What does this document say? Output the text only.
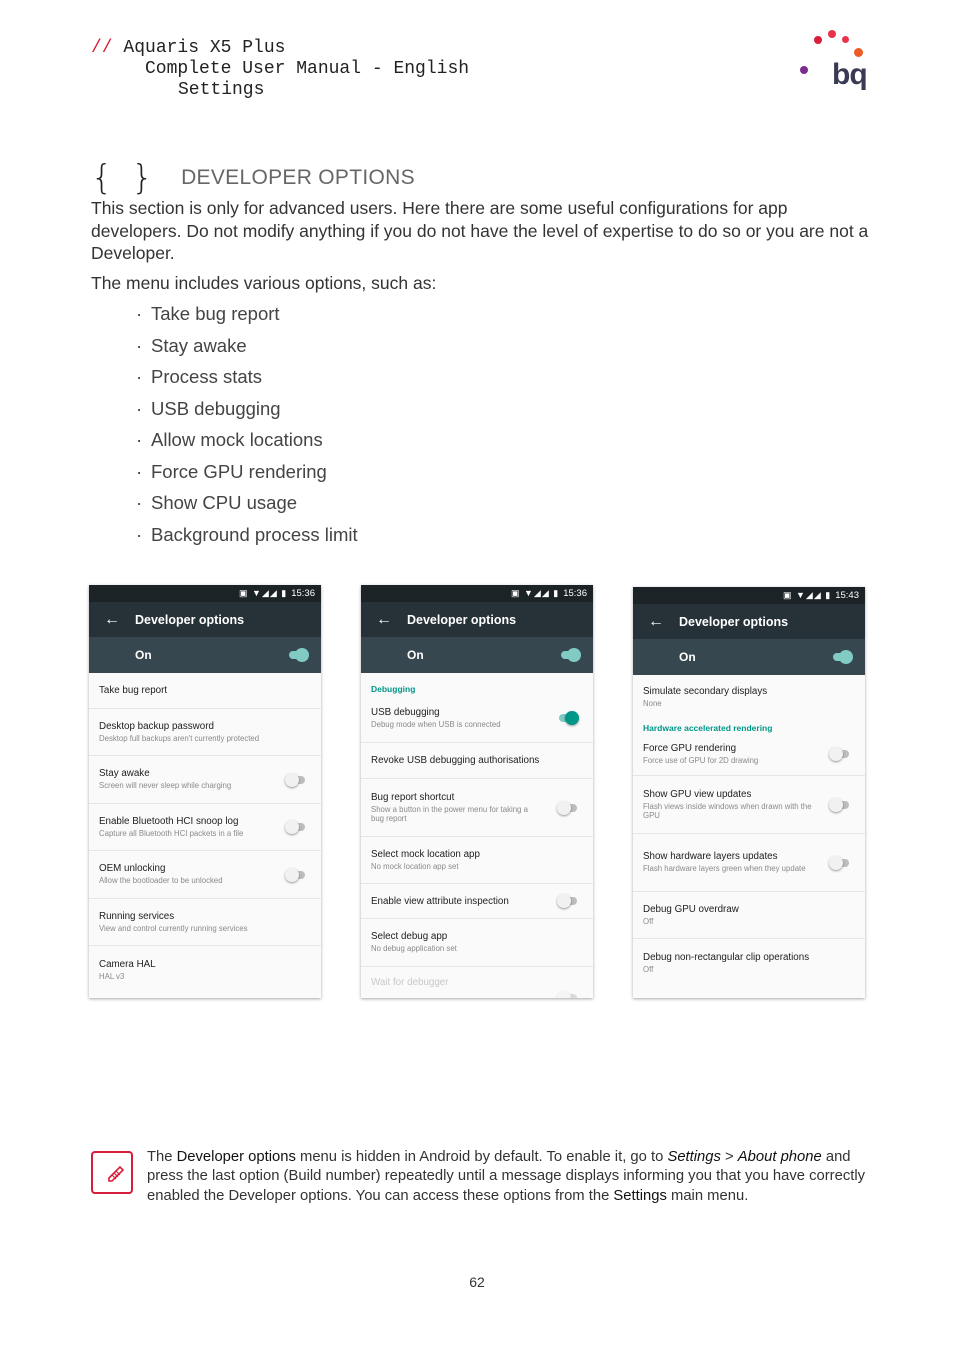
// Aquaris X5 Plus
Complete User Manual - English
Settings	bq
{ } DEVELOPER OPTIONS

This section is only for advanced users. Here there are some useful configurations for app developers. Do not modify anything if you do not have the level of expertise to do so or you are not a Developer.

The menu includes various options, such as:

· Take bug report
· Stay awake
· Process stats
· USB debugging
· Allow mock locations
· Force GPU rendering
· Show CPU usage
· Background process limit
▣ ▼◢◢ ▮ 15:36
←	Developer options
On
Take bug report
Desktop backup password
Desktop full backups aren't currently protected
Stay awake
Screen will never sleep while charging
Enable Bluetooth HCI snoop log
Capture all Bluetooth HCI packets in a file
OEM unlocking
Allow the bootloader to be unlocked
Running services
View and control currently running services
Camera HAL
HAL v3
▣ ▼◢◢ ▮ 15:36
←	Developer options
On
Debugging
USB debugging
Debug mode when USB is connected
Revoke USB debugging authorisations
Bug report shortcut
Show a button in the power menu for taking a bug report
Select mock location app
No mock location app set
Enable view attribute inspection
Select debug app
No debug application set
Wait for debugger
▣ ▼◢◢ ▮ 15:43
←	Developer options
On
Simulate secondary displays
None
Hardware accelerated rendering
Force GPU rendering
Force use of GPU for 2D drawing
Show GPU view updates
Flash views inside windows when drawn with the GPU
Show hardware layers updates
Flash hardware layers green when they update
Debug GPU overdraw
Off
Debug non-rectangular clip operations
Off

The Developer options menu is hidden in Android by default. To enable it, go to Settings > About phone and press the last option (Build number) repeatedly until a message displays informing you that you have correctly enabled the Developer options. You can access these options from the Settings main menu.

62
